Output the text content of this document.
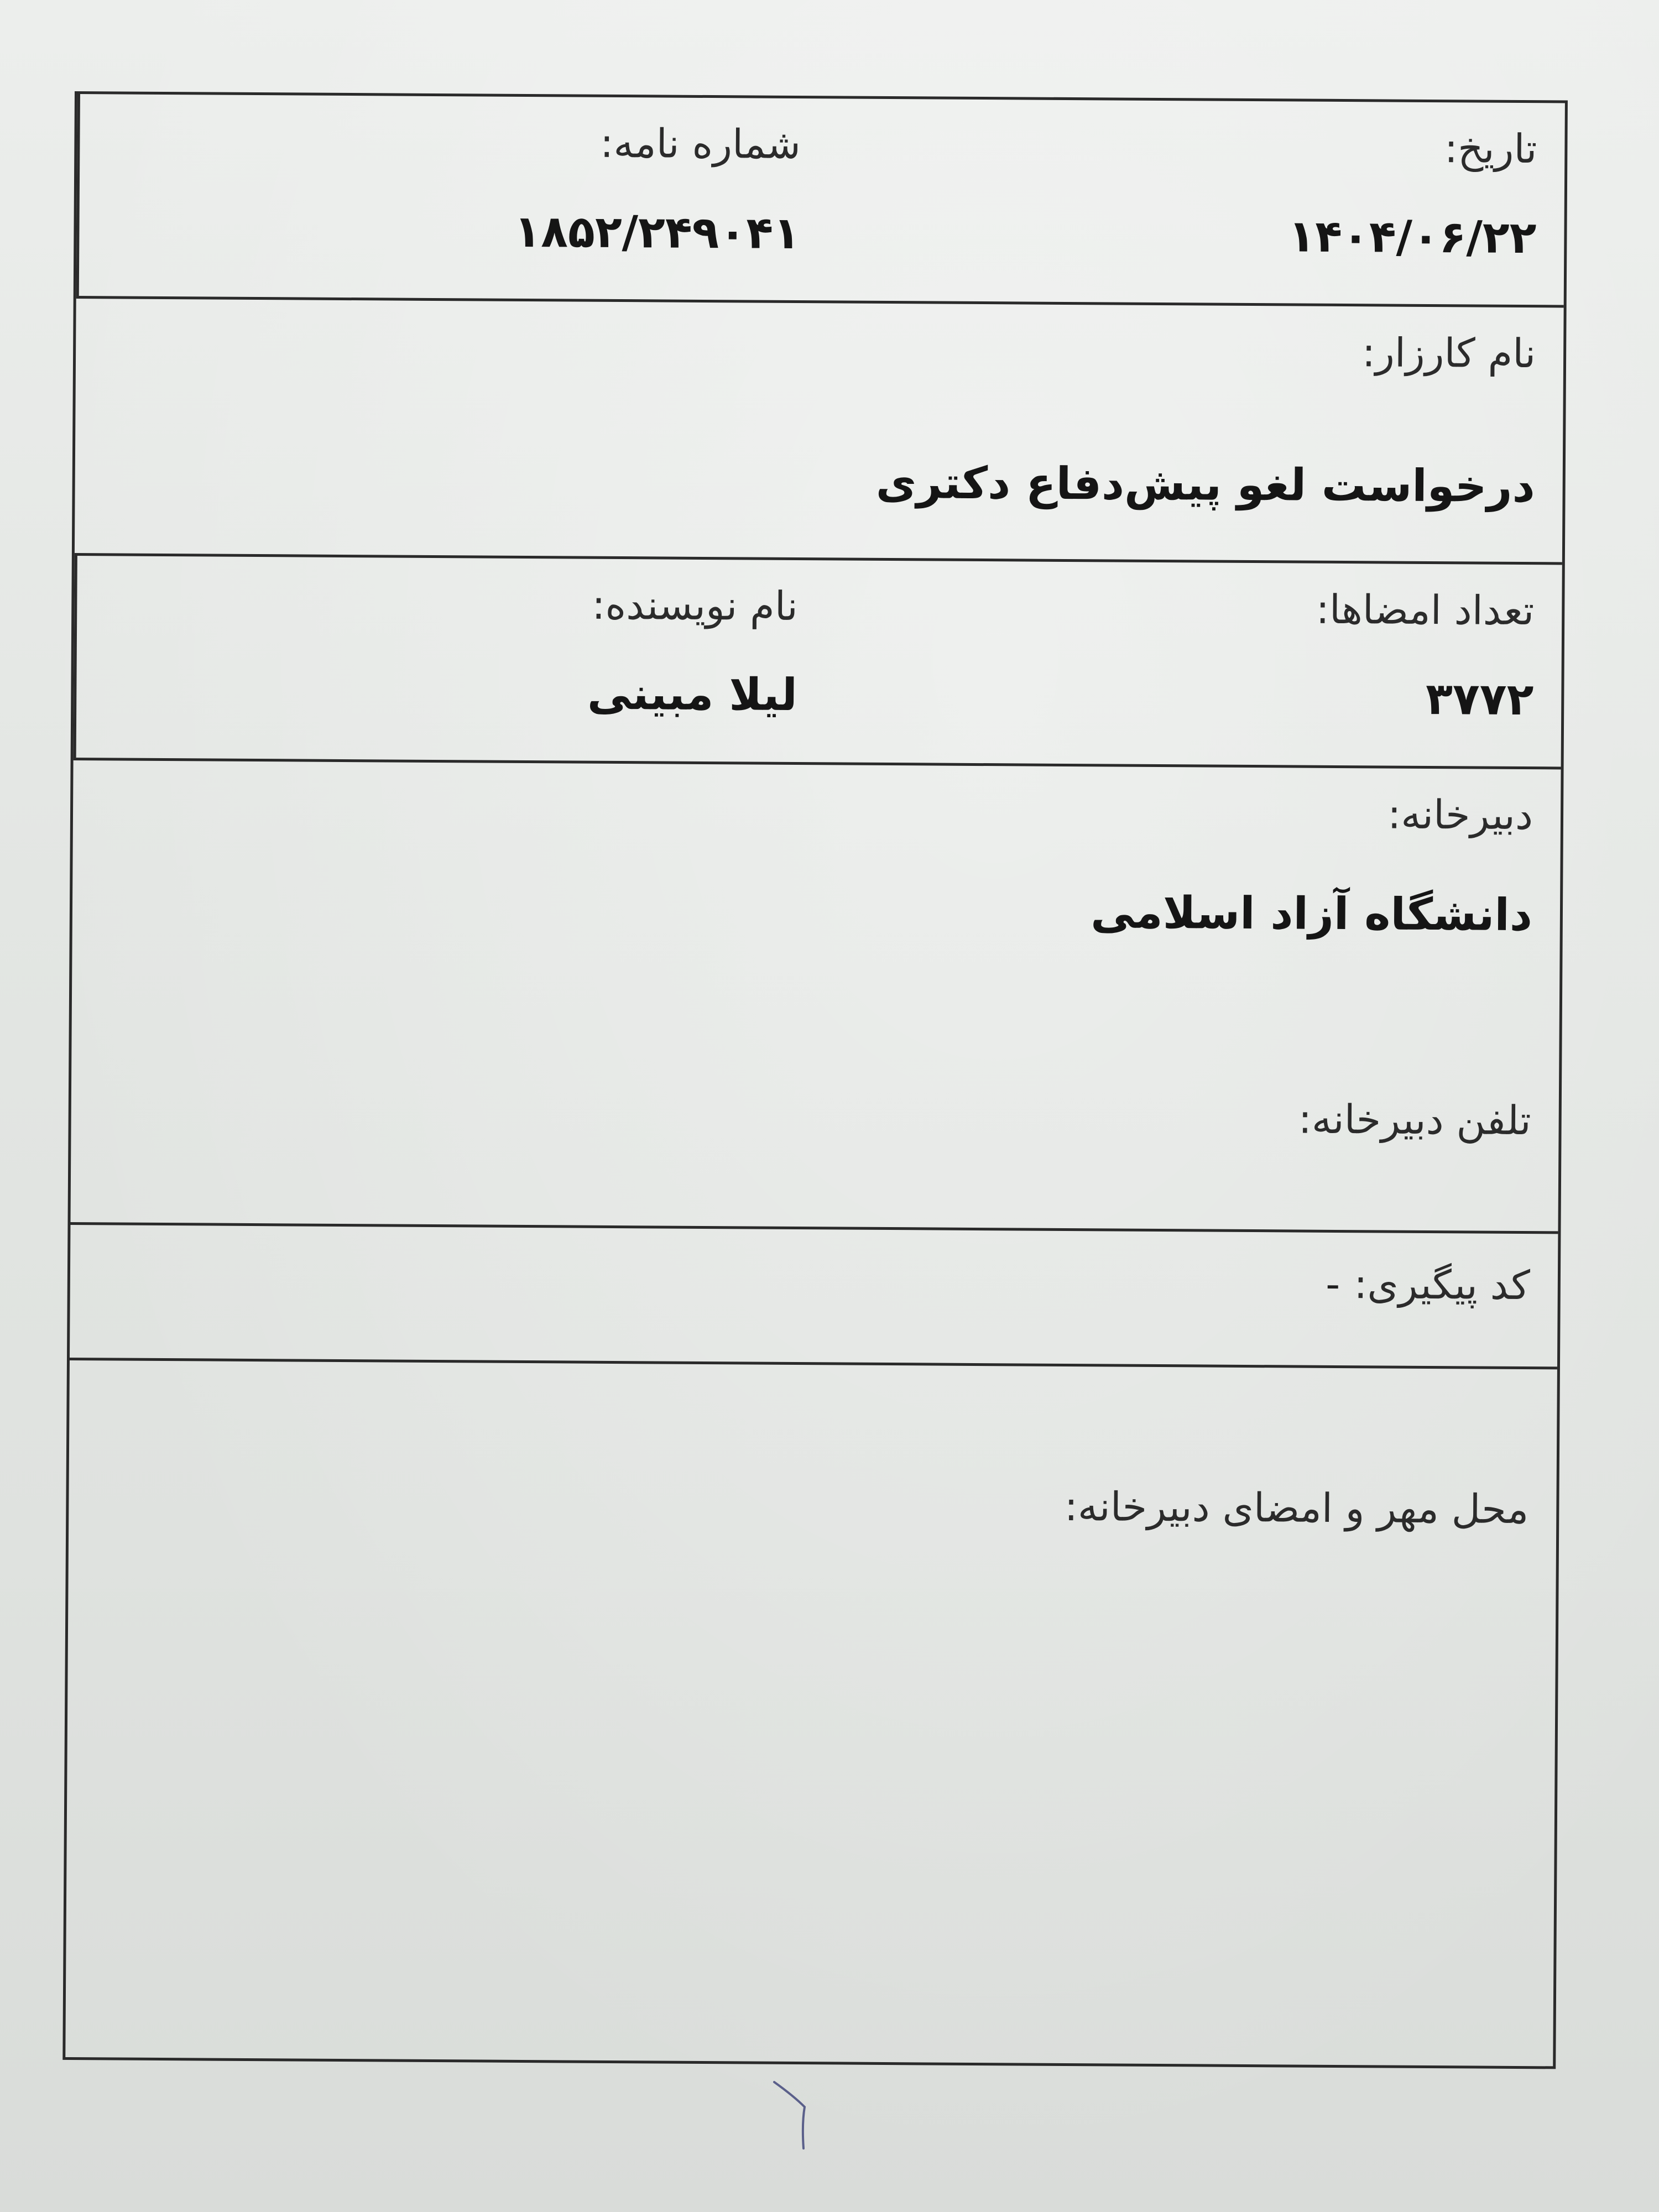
شماره نامه:
۱۸۵۲/۲۴۹۰۴۱
تاریخ:
۱۴۰۴/۰۶/۲۲
نام کارزار:
درخواست لغو پیش‌دفاع دکتری
نام نویسنده:
لیلا مبینی
تعداد امضاها:
۳۷۷۲
دبیرخانه:
دانشگاه آزاد اسلامی
تلفن دبیرخانه:
کد پیگیری: -
محل مهر و امضای دبیرخانه:
